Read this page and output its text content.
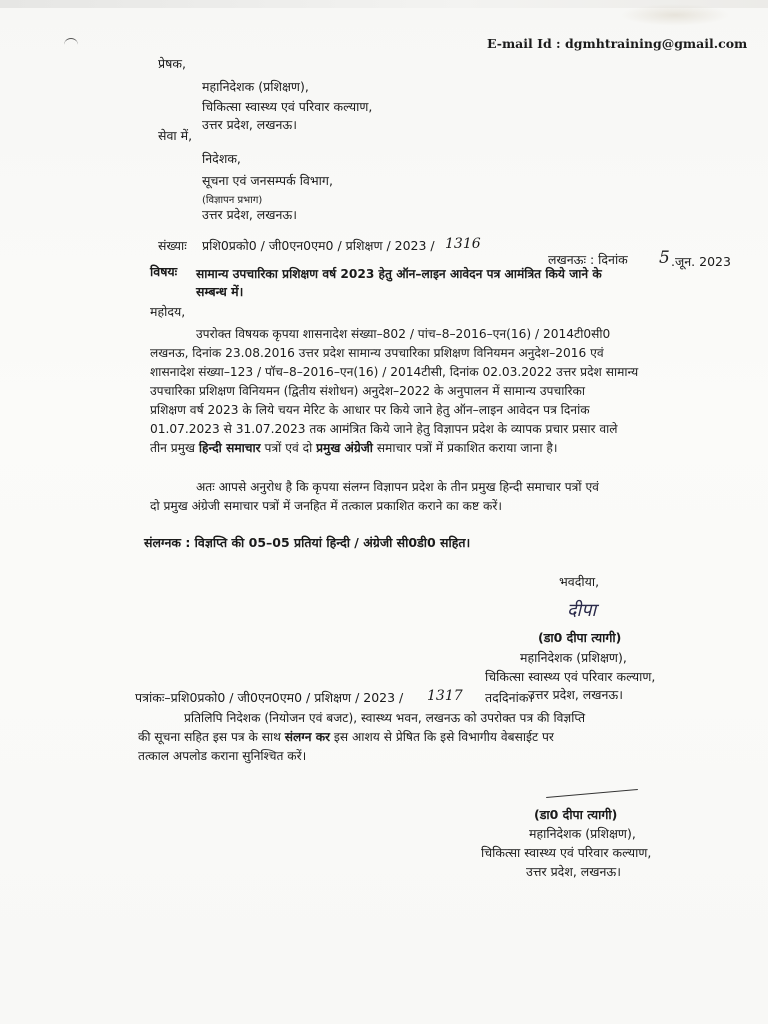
E-mail Id : dgmhtraining@gmail.com
प्रेषक,
महानिदेशक (प्रशिक्षण),
चिकित्सा स्वास्थ्य एवं परिवार कल्याण,
उत्तर प्रदेश, लखनऊ।
सेवा में,
निदेशक,
सूचना एवं जनसम्पर्क विभाग,
(विज्ञापन प्रभाग)
उत्तर प्रदेश, लखनऊ।
संख्याः प्रशि0प्रको0 / जी0एन0एम0 / प्रशिक्षण / 2023 / 1316
लखनऊः : दिनांक 5 .जून. 2023
विषयः सामान्य उपचारिका प्रशिक्षण वर्ष 2023 हेतु ऑन–लाइन आवेदन पत्र आमंत्रित किये जाने के
सम्बन्ध में।
महोदय,
उपरोक्त विषयक कृपया शासनादेश संख्या–802 / पांच–8–2016–एन(16) / 2014टी0सी0
लखनऊ, दिनांक 23.08.2016 उत्तर प्रदेश सामान्य उपचारिका प्रशिक्षण विनियमन अनुदेश–2016 एवं
शासनादेश संख्या–123 / पॉच–8–2016–एन(16) / 2014टीसी, दिनांक 02.03.2022 उत्तर प्रदेश सामान्य
उपचारिका प्रशिक्षण विनियमन (द्वितीय संशोधन) अनुदेश–2022 के अनुपालन में सामान्य उपचारिका
प्रशिक्षण वर्ष 2023 के लिये चयन मेरिट के आधार पर किये जाने हेतु ऑन–लाइन आवेदन पत्र दिनांक
01.07.2023 से 31.07.2023 तक आमंत्रित किये जाने हेतु विज्ञापन प्रदेश के व्यापक प्रचार प्रसार वाले
तीन प्रमुख हिन्दी समाचार पत्रों एवं दो प्रमुख अंग्रेजी समाचार पत्रों में प्रकाशित कराया जाना है।
अतः आपसे अनुरोध है कि कृपया संलग्न विज्ञापन प्रदेश के तीन प्रमुख हिन्दी समाचार पत्रों एवं
दो प्रमुख अंग्रेजी समाचार पत्रों में जनहित में तत्काल प्रकाशित कराने का कष्ट करें।
संलग्नक : विज्ञप्ति की 05–05 प्रतियां हिन्दी / अंग्रेजी सी0डी0 सहित।
भवदीया,
दीपा
(डा0 दीपा त्यागी)
महानिदेशक (प्रशिक्षण),
चिकित्सा स्वास्थ्य एवं परिवार कल्याण,
उत्तर प्रदेश, लखनऊ।
पत्रांकः–प्रशि0प्रको0 / जी0एन0एम0 / प्रशिक्षण / 2023 / 1317 तददिनांक।
प्रतिलिपि निदेशक (नियोजन एवं बजट), स्वास्थ्य भवन, लखनऊ को उपरोक्त पत्र की विज्ञप्ति
की सूचना सहित इस पत्र के साथ संलग्न कर इस आशय से प्रेषित कि इसे विभागीय वेबसाईट पर
तत्काल अपलोड कराना सुनिश्चित करें।
(डा0 दीपा त्यागी)
महानिदेशक (प्रशिक्षण),
चिकित्सा स्वास्थ्य एवं परिवार कल्याण,
उत्तर प्रदेश, लखनऊ।
